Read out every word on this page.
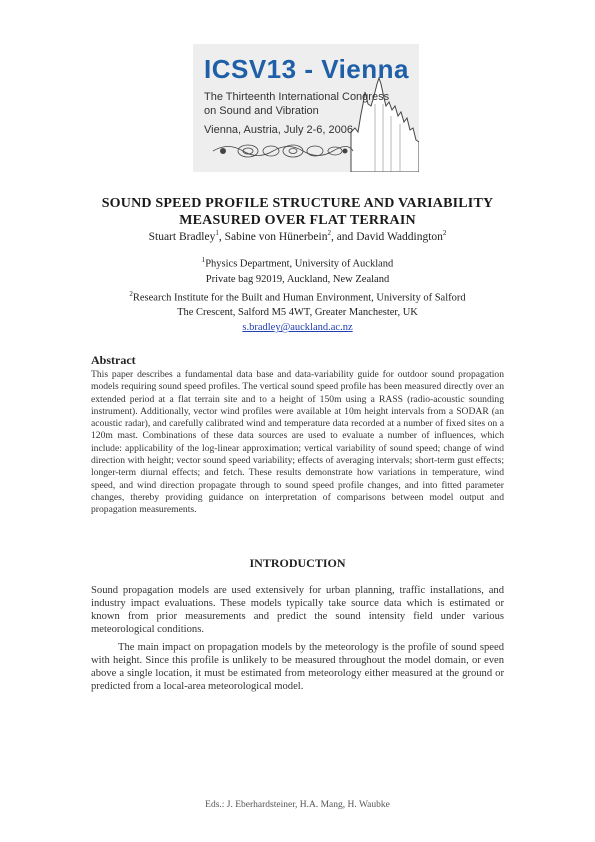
ICSV13 - Vienna
The Thirteenth International Congress
on Sound and Vibration
Vienna, Austria, July 2-6, 2006
SOUND SPEED PROFILE STRUCTURE AND VARIABILITY
MEASURED OVER FLAT TERRAIN
Stuart Bradley$^1$, Sabine von Hünerbein$^2$, and David Waddington$^2$
$^1$Physics Department, University of Auckland
Private bag 92019, Auckland, New Zealand
$^2$Research Institute for the Built and Human Environment, University of Salford
The Crescent, Salford M5 4WT, Greater Manchester, UK
s.bradley@auckland.ac.nz
Abstract
This paper describes a fundamental data base and data-variability guide for outdoor sound propagation models requiring sound speed profiles. The vertical sound speed profile has been measured directly over an extended period at a flat terrain site and to a height of 150m using a RASS (radio-acoustic sounding instrument). Additionally, vector wind profiles were available at 10m height intervals from a SODAR (an acoustic radar), and carefully calibrated wind and temperature data recorded at a number of fixed sites on a 120m mast. Combinations of these data sources are used to evaluate a number of influences, which include: applicability of the log-linear approximation; vertical variability of sound speed; change of wind direction with height; vector sound speed variability; effects of averaging intervals; short-term gust effects; longer-term diurnal effects; and fetch. These results demonstrate how variations in temperature, wind speed, and wind direction propagate through to sound speed profile changes, and into fitted parameter changes, thereby providing guidance on interpretation of comparisons between model output and propagation measurements.
INTRODUCTION
Sound propagation models are used extensively for urban planning, traffic installations, and industry impact evaluations. These models typically take source data which is estimated or known from prior measurements and predict the sound intensity field under various meteorological conditions.
The main impact on propagation models by the meteorology is the profile of sound speed with height. Since this profile is unlikely to be measured throughout the model domain, or even above a single location, it must be estimated from meteorology either measured at the ground or predicted from a local-area meteorological model.
Eds.: J. Eberhardsteiner, H.A. Mang, H. Waubke
